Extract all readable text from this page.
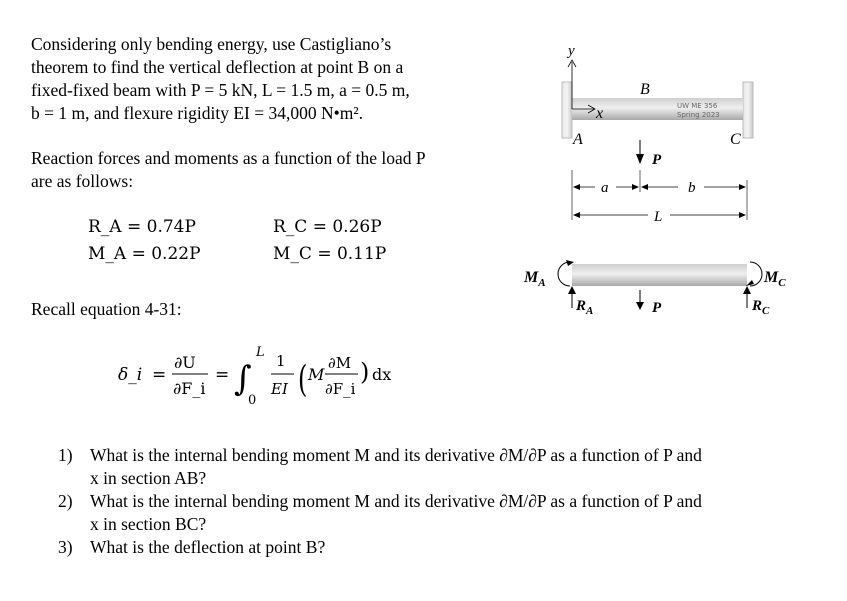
Considering only bending energy, use Castigliano’s
theorem to find the vertical deflection at point B on a
fixed-fixed beam with P = 5 kN, L = 1.5 m, a = 0.5 m,
b = 1 m, and flexure rigidity EI = 34,000 N•m².
Reaction forces and moments as a function of the load P
are as follows:
R_A = 0.74P
M_A = 0.22P
R_C = 0.26P
M_C = 0.11P
Recall equation 4-31:
δ_i =
∂U
∂F_i
= ∫
L
0
1
EI ( M
∂M
∂F_i
) dx
1) What is the internal bending moment M and its derivative ∂M/∂P as a function of P and
x in section AB?
2) What is the internal bending moment M and its derivative ∂M/∂P as a function of P and
x in section BC?
3) What is the deflection at point B?
UW ME 356
Spring 2023
y
x
A
B
C
P
a	b
L
$M_A$	$M_C$
$R_A$	P	$R_C$
